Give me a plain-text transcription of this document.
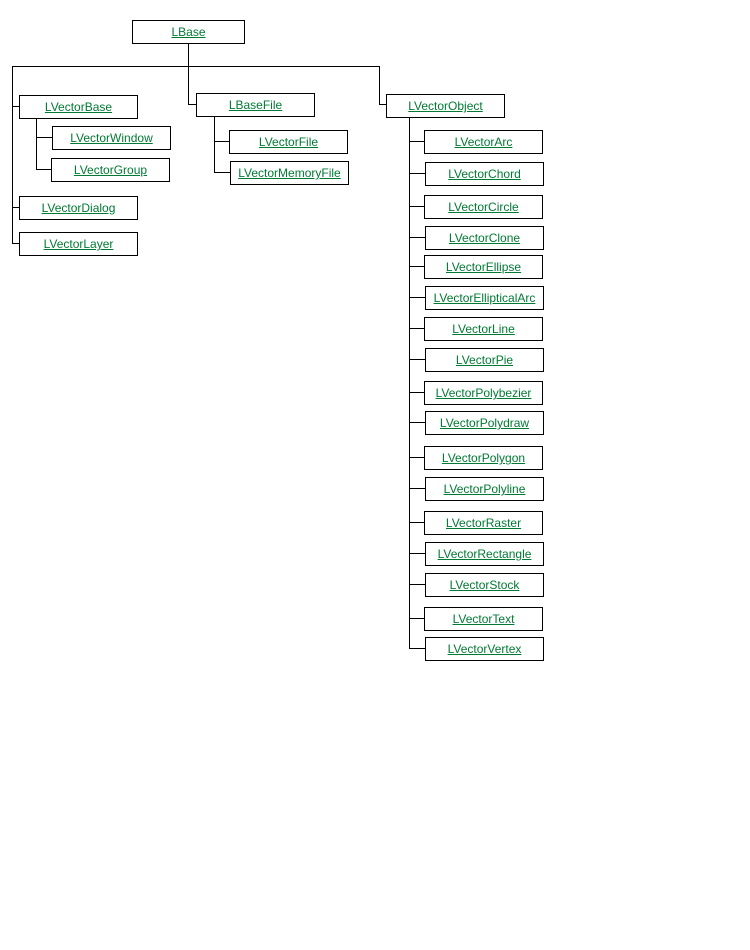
LBase
LVectorBase	LBaseFile	LVectorObject
LVectorWindow
LVectorGroup
LVectorDialog
LVectorLayer
LVectorFile
LVectorMemoryFile
LVectorArc
LVectorChord
LVectorCircle
LVectorClone
LVectorEllipse
LVectorEllipticalArc
LVectorLine
LVectorPie
LVectorPolybezier
LVectorPolydraw
LVectorPolygon
LVectorPolyline
LVectorRaster
LVectorRectangle
LVectorStock
LVectorText
LVectorVertex
